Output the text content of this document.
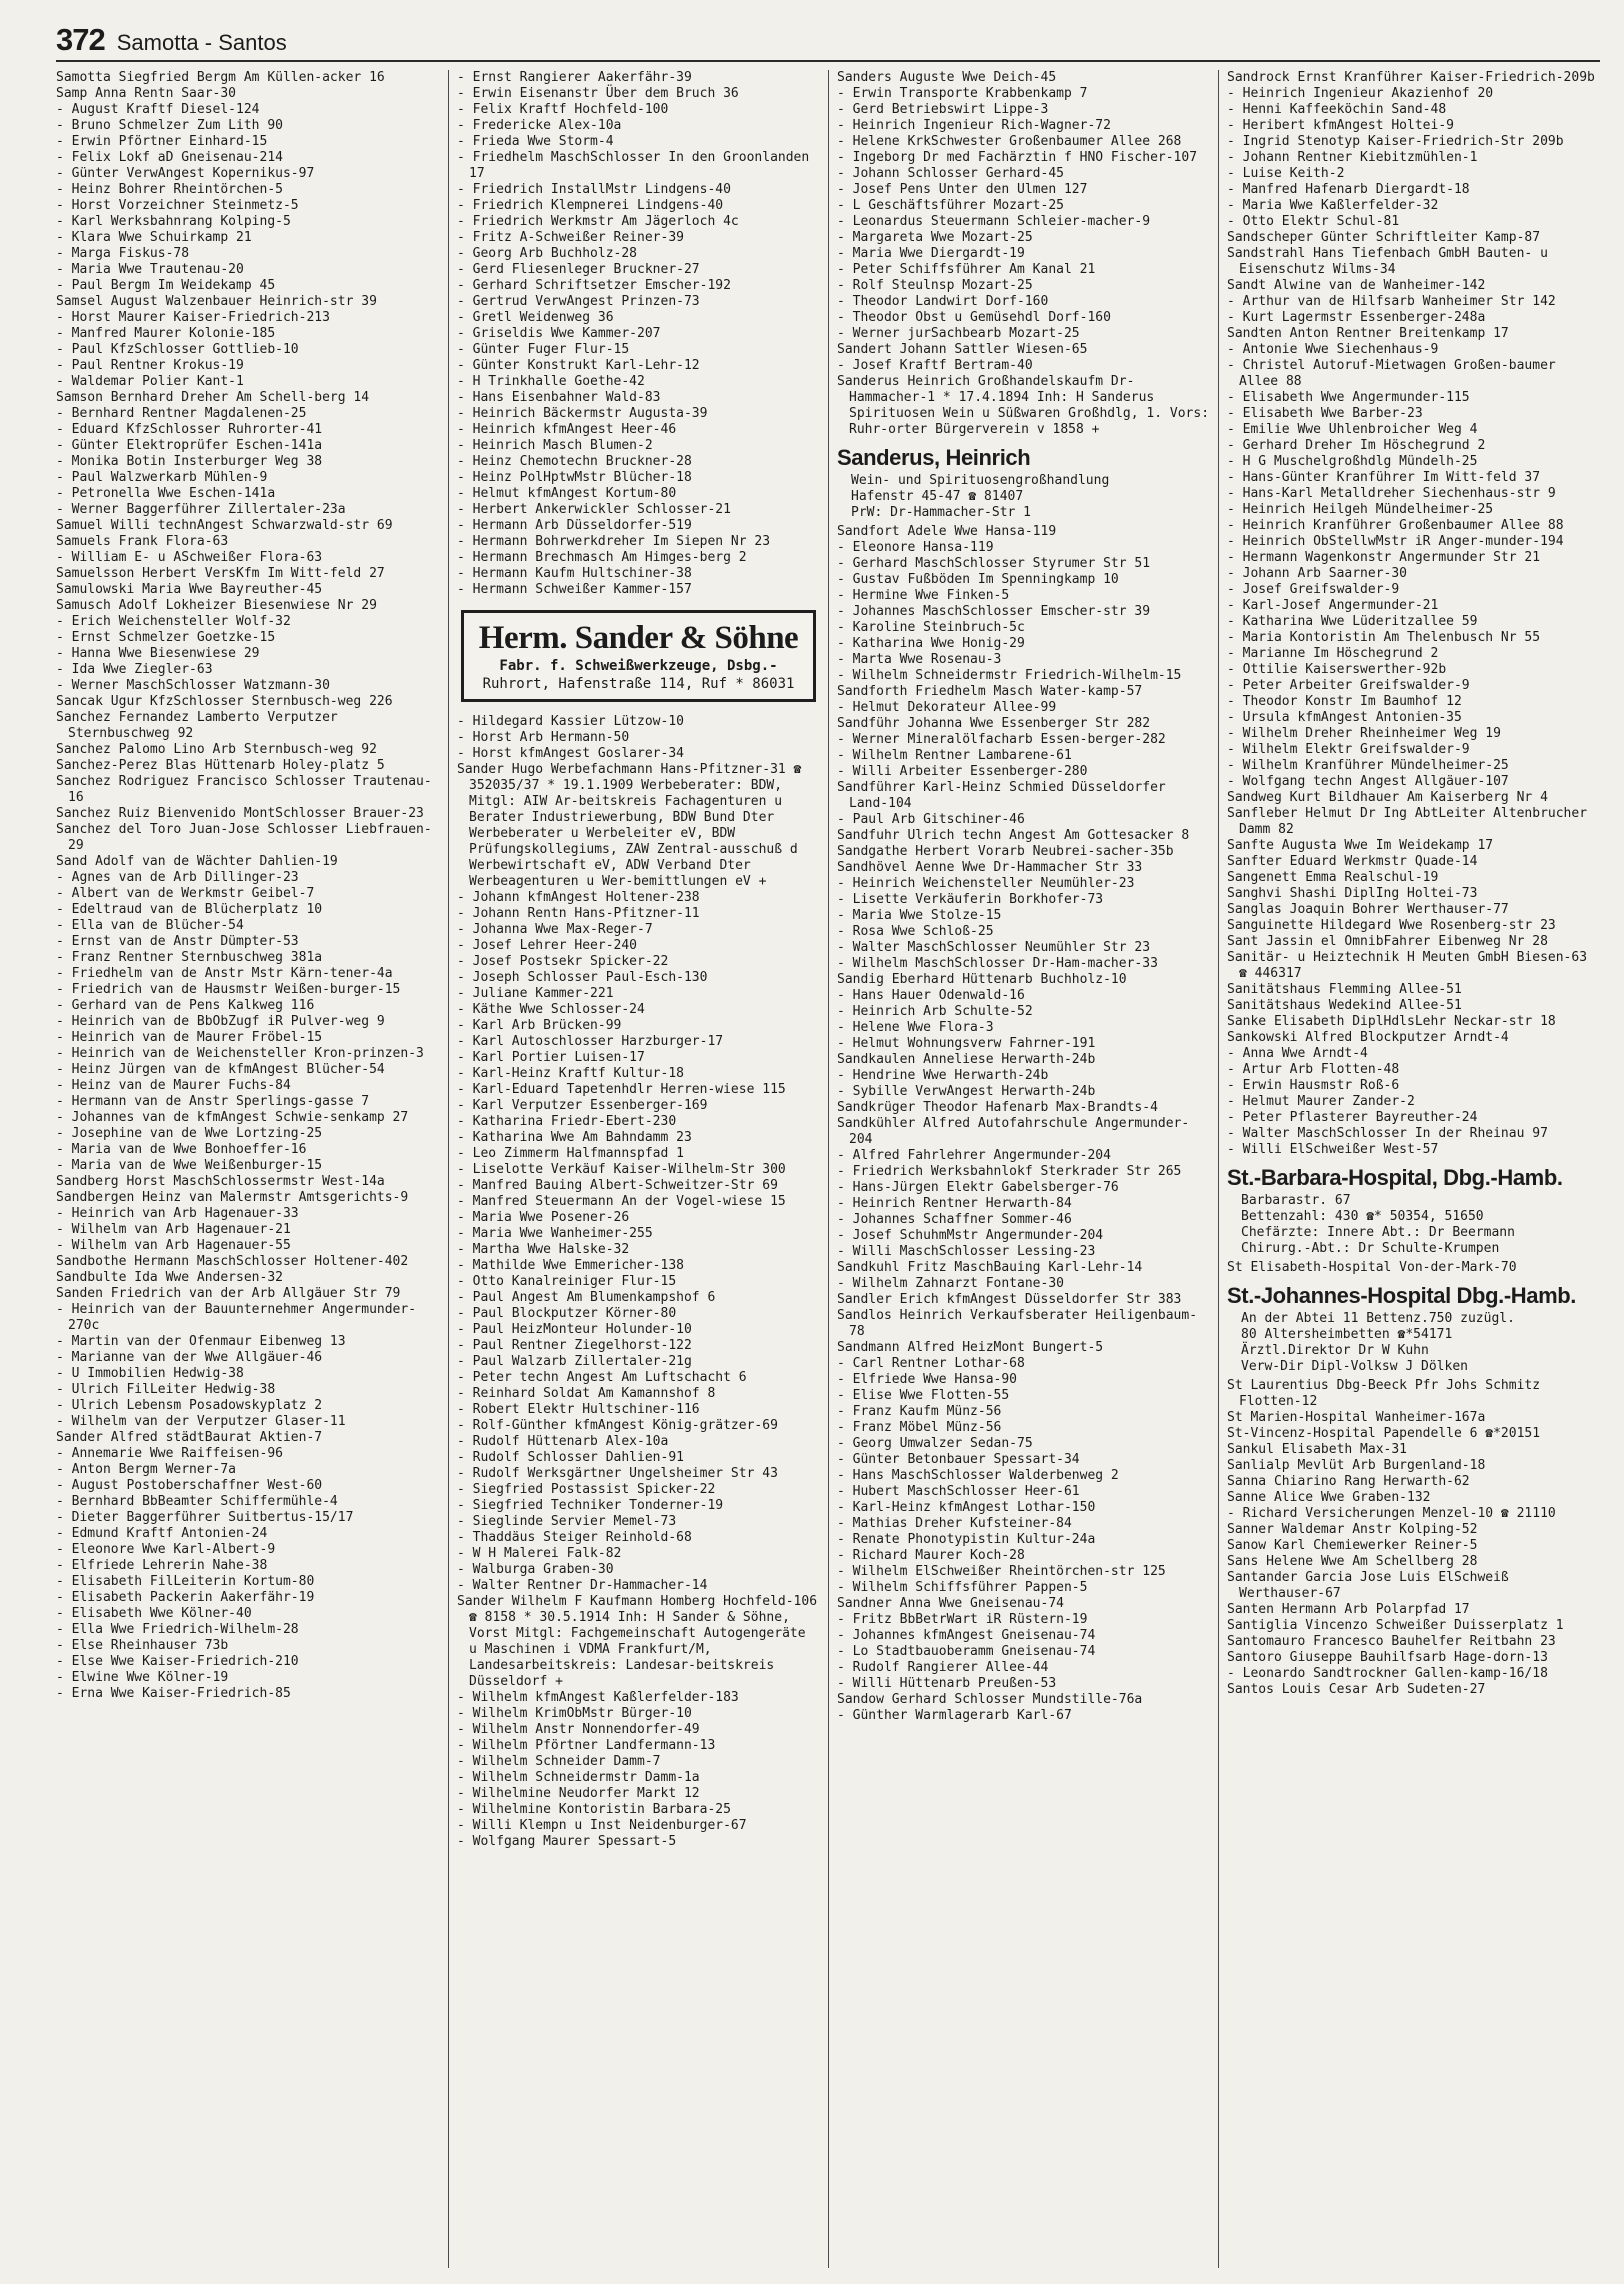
372 Samotta - Santos

Samotta Siegfried Bergm Am Küllen-acker 16

Samp Anna Rentn Saar-30

- August Kraftf Diesel-124

- Bruno Schmelzer Zum Lith 90

- Erwin Pförtner Einhard-15

- Felix Lokf aD Gneisenau-214

- Günter VerwAngest Kopernikus-97

- Heinz Bohrer Rheintörchen-5

- Horst Vorzeichner Steinmetz-5

- Karl Werksbahnrang Kolping-5

- Klara Wwe Schuirkamp 21

- Marga Fiskus-78

- Maria Wwe Trautenau-20

- Paul Bergm Im Weidekamp 45

Samsel August Walzenbauer Heinrich-str 39

- Horst Maurer Kaiser-Friedrich-213

- Manfred Maurer Kolonie-185

- Paul KfzSchlosser Gottlieb-10

- Paul Rentner Krokus-19

- Waldemar Polier Kant-1

Samson Bernhard Dreher Am Schell-berg 14

- Bernhard Rentner Magdalenen-25

- Eduard KfzSchlosser Ruhrorter-41

- Günter Elektroprüfer Eschen-141a

- Monika Botin Insterburger Weg 38

- Paul Walzwerkarb Mühlen-9

- Petronella Wwe Eschen-141a

- Werner Baggerführer Zillertaler-23a

Samuel Willi technAngest Schwarzwald-str 69

Samuels Frank Flora-63

- William E- u ASchweißer Flora-63

Samuelsson Herbert VersKfm Im Witt-feld 27

Samulowski Maria Wwe Bayreuther-45

Samusch Adolf Lokheizer Biesenwiese Nr 29

- Erich Weichensteller Wolf-32

- Ernst Schmelzer Goetzke-15

- Hanna Wwe Biesenwiese 29

- Ida Wwe Ziegler-63

- Werner MaschSchlosser Watzmann-30

Sancak Ugur KfzSchlosser Sternbusch-weg 226

Sanchez Fernandez Lamberto Verputzer Sternbuschweg 92

Sanchez Palomo Lino Arb Sternbusch-weg 92

Sanchez-Perez Blas Hüttenarb Holey-platz 5

Sanchez Rodriguez Francisco Schlosser Trautenau-16

Sanchez Ruiz Bienvenido MontSchlosser Brauer-23

Sanchez del Toro Juan-Jose Schlosser Liebfrauen-29

Sand Adolf van de Wächter Dahlien-19

- Agnes van de Arb Dillinger-23

- Albert van de Werkmstr Geibel-7

- Edeltraud van de Blücherplatz 10

- Ella van de Blücher-54

- Ernst van de Anstr Dümpter-53

- Franz Rentner Sternbuschweg 381a

- Friedhelm van de Anstr Mstr Kärn-tener-4a

- Friedrich van de Hausmstr Weißen-burger-15

- Gerhard van de Pens Kalkweg 116

- Heinrich van de BbObZugf iR Pulver-weg 9

- Heinrich van de Maurer Fröbel-15

- Heinrich van de Weichensteller Kron-prinzen-3

- Heinz Jürgen van de kfmAngest Blücher-54

- Heinz van de Maurer Fuchs-84

- Hermann van de Anstr Sperlings-gasse 7

- Johannes van de kfmAngest Schwie-senkamp 27

- Josephine van de Wwe Lortzing-25

- Maria van de Wwe Bonhoeffer-16

- Maria van de Wwe Weißenburger-15

Sandberg Horst MaschSchlossermstr West-14a

Sandbergen Heinz van Malermstr Amtsgerichts-9

- Heinrich van Arb Hagenauer-33

- Wilhelm van Arb Hagenauer-21

- Wilhelm van Arb Hagenauer-55

Sandbothe Hermann MaschSchlosser Holtener-402

Sandbulte Ida Wwe Andersen-32

Sanden Friedrich van der Arb Allgäuer Str 79

- Heinrich van der Bauunternehmer Angermunder-270c

- Martin van der Ofenmaur Eibenweg 13

- Marianne van der Wwe Allgäuer-46

- U Immobilien Hedwig-38

- Ulrich FilLeiter Hedwig-38

- Ulrich Lebensm Posadowskyplatz 2

- Wilhelm van der Verputzer Glaser-11

Sander Alfred städtBaurat Aktien-7

- Annemarie Wwe Raiffeisen-96

- Anton Bergm Werner-7a

- August Postoberschaffner West-60

- Bernhard BbBeamter Schiffermühle-4

- Dieter Baggerführer Suitbertus-15/17

- Edmund Kraftf Antonien-24

- Eleonore Wwe Karl-Albert-9

- Elfriede Lehrerin Nahe-38

- Elisabeth FilLeiterin Kortum-80

- Elisabeth Packerin Aakerfähr-19

- Elisabeth Wwe Kölner-40

- Ella Wwe Friedrich-Wilhelm-28

- Else Rheinhauser 73b

- Else Wwe Kaiser-Friedrich-210

- Elwine Wwe Kölner-19

- Erna Wwe Kaiser-Friedrich-85

- Ernst Rangierer Aakerfähr-39

- Erwin Eisenanstr Über dem Bruch 36

- Felix Kraftf Hochfeld-100

- Fredericke Alex-10a

- Frieda Wwe Storm-4

- Friedhelm MaschSchlosser In den Groonlanden 17

- Friedrich InstallMstr Lindgens-40

- Friedrich Klempnerei Lindgens-40

- Friedrich Werkmstr Am Jägerloch 4c

- Fritz A-Schweißer Reiner-39

- Georg Arb Buchholz-28

- Gerd Fliesenleger Bruckner-27

- Gerhard Schriftsetzer Emscher-192

- Gertrud VerwAngest Prinzen-73

- Gretl Weidenweg 36

- Griseldis Wwe Kammer-207

- Günter Fuger Flur-15

- Günter Konstrukt Karl-Lehr-12

- H Trinkhalle Goethe-42

- Hans Eisenbahner Wald-83

- Heinrich Bäckermstr Augusta-39

- Heinrich kfmAngest Heer-46

- Heinrich Masch Blumen-2

- Heinz Chemotechn Bruckner-28

- Heinz PolHptwMstr Blücher-18

- Helmut kfmAngest Kortum-80

- Herbert Ankerwickler Schlosser-21

- Hermann Arb Düsseldorfer-519

- Hermann Bohrwerkdreher Im Siepen Nr 23

- Hermann Brechmasch Am Himges-berg 2

- Hermann Kaufm Hultschiner-38

- Hermann Schweißer Kammer-157

Herm. Sander & Söhne
Fabr. f. Schweißwerkzeuge, Dsbg.-
Ruhrort, Hafenstraße 114, Ruf * 86031

- Hildegard Kassier Lützow-10

- Horst Arb Hermann-50

- Horst kfmAngest Goslarer-34

Sander Hugo Werbefachmann Hans-Pfitzner-31 ☎ 352035/37 * 19.1.1909 Werbeberater: BDW, Mitgl: AIW Ar-beitskreis Fachagenturen u Berater Industriewerbung, BDW Bund Dter Werbeberater u Werbeleiter eV, BDW Prüfungskollegiums, ZAW Zentral-ausschuß d Werbewirtschaft eV, ADW Verband Dter Werbeagenturen u Wer-bemittlungen eV +

- Johann kfmAngest Holtener-238

- Johann Rentn Hans-Pfitzner-11

- Johanna Wwe Max-Reger-7

- Josef Lehrer Heer-240

- Josef Postsekr Spicker-22

- Joseph Schlosser Paul-Esch-130

- Juliane Kammer-221

- Käthe Wwe Schlosser-24

- Karl Arb Brücken-99

- Karl Autoschlosser Harzburger-17

- Karl Portier Luisen-17

- Karl-Heinz Kraftf Kultur-18

- Karl-Eduard Tapetenhdlr Herren-wiese 115

- Karl Verputzer Essenberger-169

- Katharina Friedr-Ebert-230

- Katharina Wwe Am Bahndamm 23

- Leo Zimmerm Halfmannspfad 1

- Liselotte Verkäuf Kaiser-Wilhelm-Str 300

- Manfred Bauing Albert-Schweitzer-Str 69

- Manfred Steuermann An der Vogel-wiese 15

- Maria Wwe Posener-26

- Maria Wwe Wanheimer-255

- Martha Wwe Halske-32

- Mathilde Wwe Emmericher-138

- Otto Kanalreiniger Flur-15

- Paul Angest Am Blumenkampshof 6

- Paul Blockputzer Körner-80

- Paul HeizMonteur Holunder-10

- Paul Rentner Ziegelhorst-122

- Paul Walzarb Zillertaler-21g

- Peter techn Angest Am Luftschacht 6

- Reinhard Soldat Am Kamannshof 8

- Robert Elektr Hultschiner-116

- Rolf-Günther kfmAngest König-grätzer-69

- Rudolf Hüttenarb Alex-10a

- Rudolf Schlosser Dahlien-91

- Rudolf Werksgärtner Ungelsheimer Str 43

- Siegfried Postassist Spicker-22

- Siegfried Techniker Tonderner-19

- Sieglinde Servier Memel-73

- Thaddäus Steiger Reinhold-68

- W H Malerei Falk-82

- Walburga Graben-30

- Walter Rentner Dr-Hammacher-14

Sander Wilhelm F Kaufmann Homberg Hochfeld-106 ☎ 8158 * 30.5.1914 Inh: H Sander & Söhne, Vorst Mitgl: Fachgemeinschaft Autogengeräte u Maschinen i VDMA Frankfurt/M, Landesarbeitskreis: Landesar-beitskreis Düsseldorf +

- Wilhelm kfmAngest Kaßlerfelder-183

- Wilhelm KrimObMstr Bürger-10

- Wilhelm Anstr Nonnendorfer-49

- Wilhelm Pförtner Landfermann-13

- Wilhelm Schneider Damm-7

- Wilhelm Schneidermstr Damm-1a

- Wilhelmine Neudorfer Markt 12

- Wilhelmine Kontoristin Barbara-25

- Willi Klempn u Inst Neidenburger-67

- Wolfgang Maurer Spessart-5

Sanders Auguste Wwe Deich-45

- Erwin Transporte Krabbenkamp 7

- Gerd Betriebswirt Lippe-3

- Heinrich Ingenieur Rich-Wagner-72

- Helene KrkSchwester Großenbaumer Allee 268

- Ingeborg Dr med Fachärztin f HNO Fischer-107

- Johann Schlosser Gerhard-45

- Josef Pens Unter den Ulmen 127

- L Geschäftsführer Mozart-25

- Leonardus Steuermann Schleier-macher-9

- Margareta Wwe Mozart-25

- Maria Wwe Diergardt-19

- Peter Schiffsführer Am Kanal 21

- Rolf Steulnsp Mozart-25

- Theodor Landwirt Dorf-160

- Theodor Obst u Gemüsehdl Dorf-160

- Werner jurSachbearb Mozart-25

Sandert Johann Sattler Wiesen-65

- Josef Kraftf Bertram-40

Sanderus Heinrich Großhandelskaufm Dr-Hammacher-1 * 17.4.1894 Inh: H Sanderus Spirituosen Wein u Süßwaren Großhdlg, 1. Vors: Ruhr-orter Bürgerverein v 1858 +

Sanderus, Heinrich

Wein- und Spirituosengroßhandlung

Hafenstr 45-47 ☎ 81407

PrW: Dr-Hammacher-Str 1

Sandfort Adele Wwe Hansa-119

- Eleonore Hansa-119

- Gerhard MaschSchlosser Styrumer Str 51

- Gustav Fußböden Im Spenningkamp 10

- Hermine Wwe Finken-5

- Johannes MaschSchlosser Emscher-str 39

- Karoline Steinbruch-5c

- Katharina Wwe Honig-29

- Marta Wwe Rosenau-3

- Wilhelm Schneidermstr Friedrich-Wilhelm-15

Sandforth Friedhelm Masch Water-kamp-57

- Helmut Dekorateur Allee-99

Sandführ Johanna Wwe Essenberger Str 282

- Werner Mineralölfacharb Essen-berger-282

- Wilhelm Rentner Lambarene-61

- Willi Arbeiter Essenberger-280

Sandführer Karl-Heinz Schmied Düsseldorfer Land-104

- Paul Arb Gitschiner-46

Sandfuhr Ulrich techn Angest Am Gottesacker 8

Sandgathe Herbert Vorarb Neubrei-sacher-35b

Sandhövel Aenne Wwe Dr-Hammacher Str 33

- Heinrich Weichensteller Neumühler-23

- Lisette Verkäuferin Borkhofer-73

- Maria Wwe Stolze-15

- Rosa Wwe Schloß-25

- Walter MaschSchlosser Neumühler Str 23

- Wilhelm MaschSchlosser Dr-Ham-macher-33

Sandig Eberhard Hüttenarb Buchholz-10

- Hans Hauer Odenwald-16

- Heinrich Arb Schulte-52

- Helene Wwe Flora-3

- Helmut Wohnungsverw Fahrner-191

Sandkaulen Anneliese Herwarth-24b

- Hendrine Wwe Herwarth-24b

- Sybille VerwAngest Herwarth-24b

Sandkrüger Theodor Hafenarb Max-Brandts-4

Sandkühler Alfred Autofahrschule Angermunder-204

- Alfred Fahrlehrer Angermunder-204

- Friedrich Werksbahnlokf Sterkrader Str 265

- Hans-Jürgen Elektr Gabelsberger-76

- Heinrich Rentner Herwarth-84

- Johannes Schaffner Sommer-46

- Josef SchuhmMstr Angermunder-204

- Willi MaschSchlosser Lessing-23

Sandkuhl Fritz MaschBauing Karl-Lehr-14

- Wilhelm Zahnarzt Fontane-30

Sandler Erich kfmAngest Düsseldorfer Str 383

Sandlos Heinrich Verkaufsberater Heiligenbaum-78

Sandmann Alfred HeizMont Bungert-5

- Carl Rentner Lothar-68

- Elfriede Wwe Hansa-90

- Elise Wwe Flotten-55

- Franz Kaufm Münz-56

- Franz Möbel Münz-56

- Georg Umwalzer Sedan-75

- Günter Betonbauer Spessart-34

- Hans MaschSchlosser Walderbenweg 2

- Hubert MaschSchlosser Heer-61

- Karl-Heinz kfmAngest Lothar-150

- Mathias Dreher Kufsteiner-84

- Renate Phonotypistin Kultur-24a

- Richard Maurer Koch-28

- Wilhelm ElSchweißer Rheintörchen-str 125

- Wilhelm Schiffsführer Pappen-5

Sandner Anna Wwe Gneisenau-74

- Fritz BbBetrWart iR Rüstern-19

- Johannes kfmAngest Gneisenau-74

- Lo Stadtbauoberamm Gneisenau-74

- Rudolf Rangierer Allee-44

- Willi Hüttenarb Preußen-53

Sandow Gerhard Schlosser Mundstille-76a

- Günther Warmlagerarb Karl-67

Sandrock Ernst Kranführer Kaiser-Friedrich-209b

- Heinrich Ingenieur Akazienhof 20

- Henni Kaffeeköchin Sand-48

- Heribert kfmAngest Holtei-9

- Ingrid Stenotyp Kaiser-Friedrich-Str 209b

- Johann Rentner Kiebitzmühlen-1

- Luise Keith-2

- Manfred Hafenarb Diergardt-18

- Maria Wwe Kaßlerfelder-32

- Otto Elektr Schul-81

Sandscheper Günter Schriftleiter Kamp-87

Sandstrahl Hans Tiefenbach GmbH Bauten- u Eisenschutz Wilms-34

Sandt Alwine van de Wanheimer-142

- Arthur van de Hilfsarb Wanheimer Str 142

- Kurt Lagermstr Essenberger-248a

Sandten Anton Rentner Breitenkamp 17

- Antonie Wwe Siechenhaus-9

- Christel Autoruf-Mietwagen Großen-baumer Allee 88

- Elisabeth Wwe Angermunder-115

- Elisabeth Wwe Barber-23

- Emilie Wwe Uhlenbroicher Weg 4

- Gerhard Dreher Im Höschegrund 2

- H G Muschelgroßhdlg Mündelh-25

- Hans-Günter Kranführer Im Witt-feld 37

- Hans-Karl Metalldreher Siechenhaus-str 9

- Heinrich Heilgeh Mündelheimer-25

- Heinrich Kranführer Großenbaumer Allee 88

- Heinrich ObStellwMstr iR Anger-munder-194

- Hermann Wagenkonstr Angermunder Str 21

- Johann Arb Saarner-30

- Josef Greifswalder-9

- Karl-Josef Angermunder-21

- Katharina Wwe Lüderitzallee 59

- Maria Kontoristin Am Thelenbusch Nr 55

- Marianne Im Höschegrund 2

- Ottilie Kaiserswerther-92b

- Peter Arbeiter Greifswalder-9

- Theodor Konstr Im Baumhof 12

- Ursula kfmAngest Antonien-35

- Wilhelm Dreher Rheinheimer Weg 19

- Wilhelm Elektr Greifswalder-9

- Wilhelm Kranführer Mündelheimer-25

- Wolfgang techn Angest Allgäuer-107

Sandweg Kurt Bildhauer Am Kaiserberg Nr 4

Sanfleber Helmut Dr Ing AbtLeiter Altenbrucher Damm 82

Sanfte Augusta Wwe Im Weidekamp 17

Sanfter Eduard Werkmstr Quade-14

Sangenett Emma Realschul-19

Sanghvi Shashi DiplIng Holtei-73

Sanglas Joaquin Bohrer Werthauser-77

Sanguinette Hildegard Wwe Rosenberg-str 23

Sant Jassin el OmnibFahrer Eibenweg Nr 28

Sanitär- u Heiztechnik H Meuten GmbH Biesen-63 ☎ 446317

Sanitätshaus Flemming Allee-51

Sanitätshaus Wedekind Allee-51

Sanke Elisabeth DiplHdlsLehr Neckar-str 18

Sankowski Alfred Blockputzer Arndt-4

- Anna Wwe Arndt-4

- Artur Arb Flotten-48

- Erwin Hausmstr Roß-6

- Helmut Maurer Zander-2

- Peter Pflasterer Bayreuther-24

- Walter MaschSchlosser In der Rheinau 97

- Willi ElSchweißer West-57

St.-Barbara-Hospital, Dbg.-Hamb.

Barbarastr. 67

Bettenzahl: 430 ☎* 50354, 51650

Chefärzte: Innere Abt.: Dr Beermann

Chirurg.-Abt.: Dr Schulte-Krumpen

St Elisabeth-Hospital Von-der-Mark-70

St.-Johannes-Hospital Dbg.-Hamb.

An der Abtei 11 Bettenz.750 zuzügl.

80 Altersheimbetten ☎*54171

Ärztl.Direktor Dr W Kuhn

Verw-Dir Dipl-Volksw J Dölken

St Laurentius Dbg-Beeck Pfr Johs Schmitz Flotten-12

St Marien-Hospital Wanheimer-167a

St-Vincenz-Hospital Papendelle 6 ☎*20151

Sankul Elisabeth Max-31

Sanlialp Mevlüt Arb Burgenland-18

Sanna Chiarino Rang Herwarth-62

Sanne Alice Wwe Graben-132

- Richard Versicherungen Menzel-10 ☎ 21110

Sanner Waldemar Anstr Kolping-52

Sanow Karl Chemiewerker Reiner-5

Sans Helene Wwe Am Schellberg 28

Santander Garcia Jose Luis ElSchweiß Werthauser-67

Santen Hermann Arb Polarpfad 17

Santiglia Vincenzo Schweißer Duisserplatz 1

Santomauro Francesco Bauhelfer Reitbahn 23

Santoro Giuseppe Bauhilfsarb Hage-dorn-13

- Leonardo Sandtrockner Gallen-kamp-16/18

Santos Louis Cesar Arb Sudeten-27
